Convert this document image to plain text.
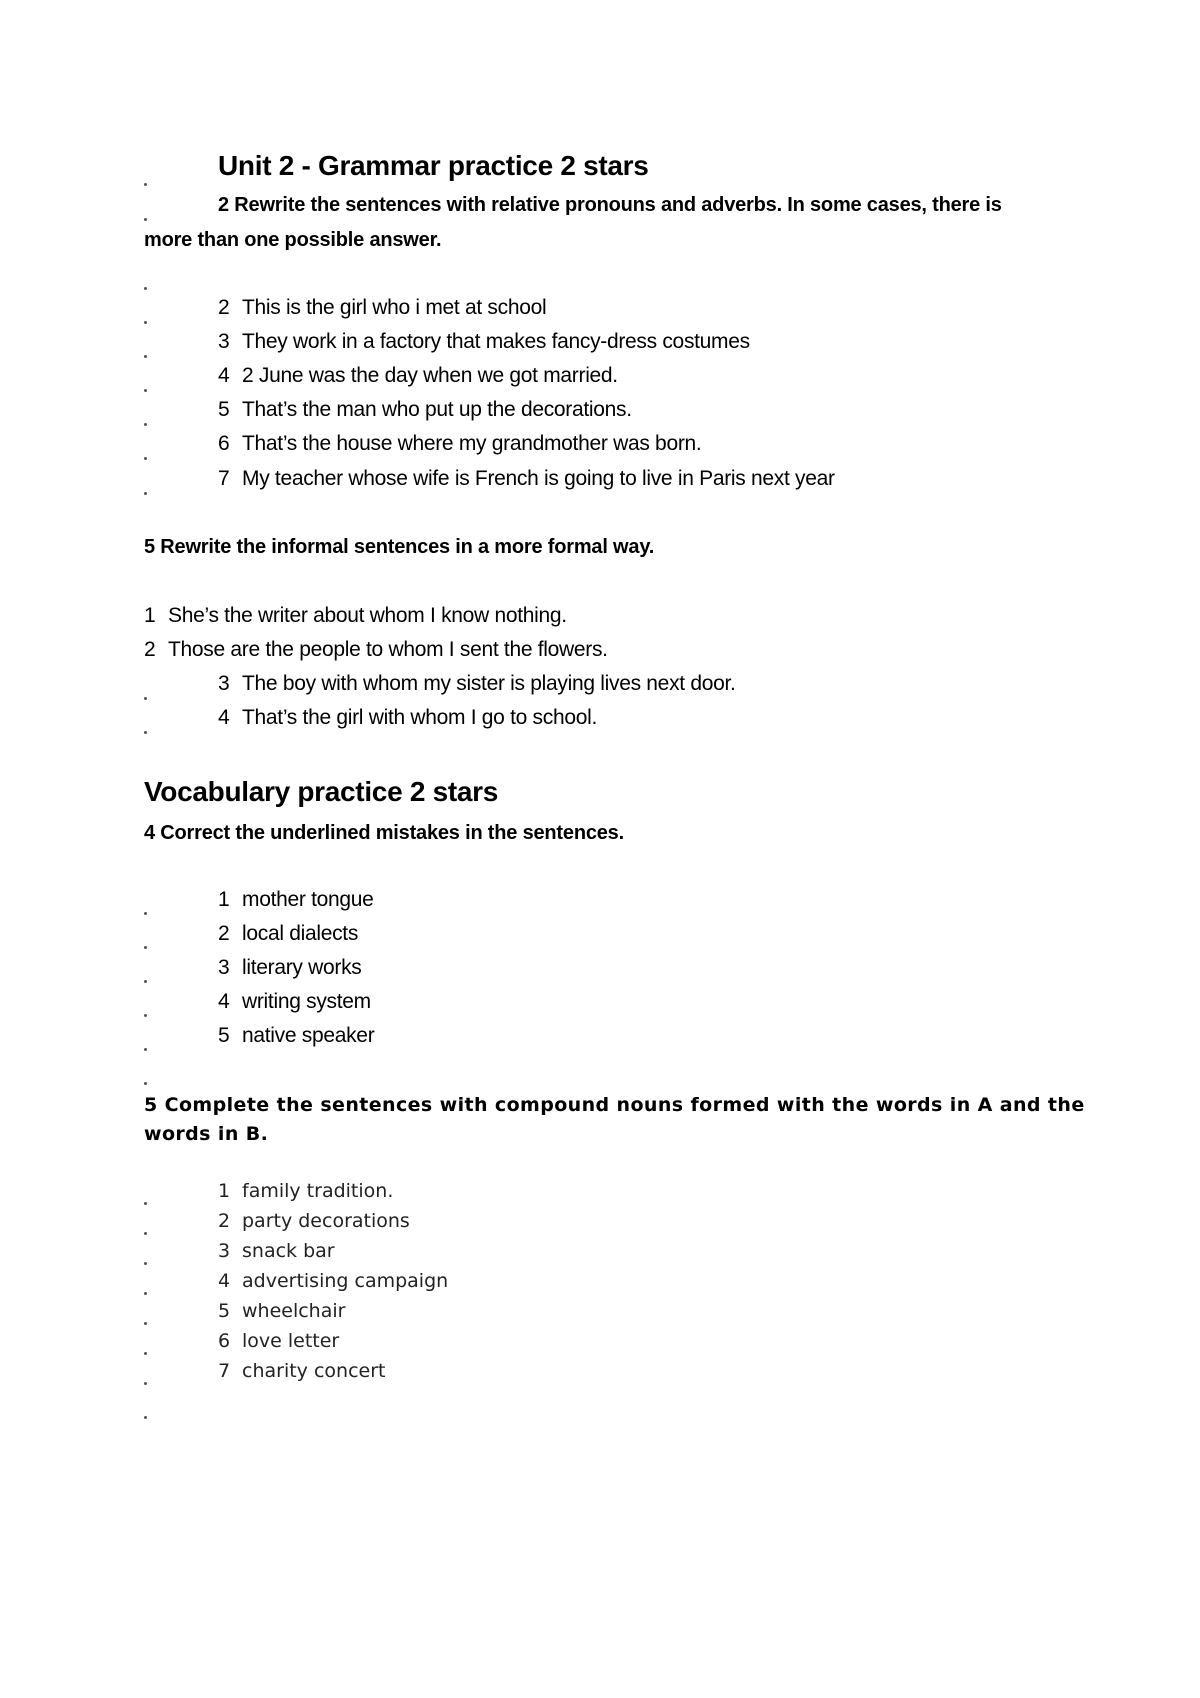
Unit 2 - Grammar practice 2 stars
2 Rewrite the sentences with relative pronouns and adverbs. In some cases, there is
more than one possible answer.
2 This is the girl who i met at school
3 They work in a factory that makes fancy-dress costumes
4 2 June was the day when we got married.
5 That’s the man who put up the decorations.
6 That’s the house where my grandmother was born.
7 My teacher whose wife is French is going to live in Paris next year
5 Rewrite the informal sentences in a more formal way.
1 She’s the writer about whom I know nothing.
2 Those are the people to whom I sent the flowers.
3 The boy with whom my sister is playing lives next door.
4 That’s the girl with whom I go to school.
Vocabulary practice 2 stars
4 Correct the underlined mistakes in the sentences.
1 mother tongue
2 local dialects
3 literary works
4 writing system
5 native speaker
5 Complete the sentences with compound nouns formed with the words in A and the
words in B.
1 family tradition.
2 party decorations
3 snack bar
4 advertising campaign
5 wheelchair
6 love letter
7 charity concert
